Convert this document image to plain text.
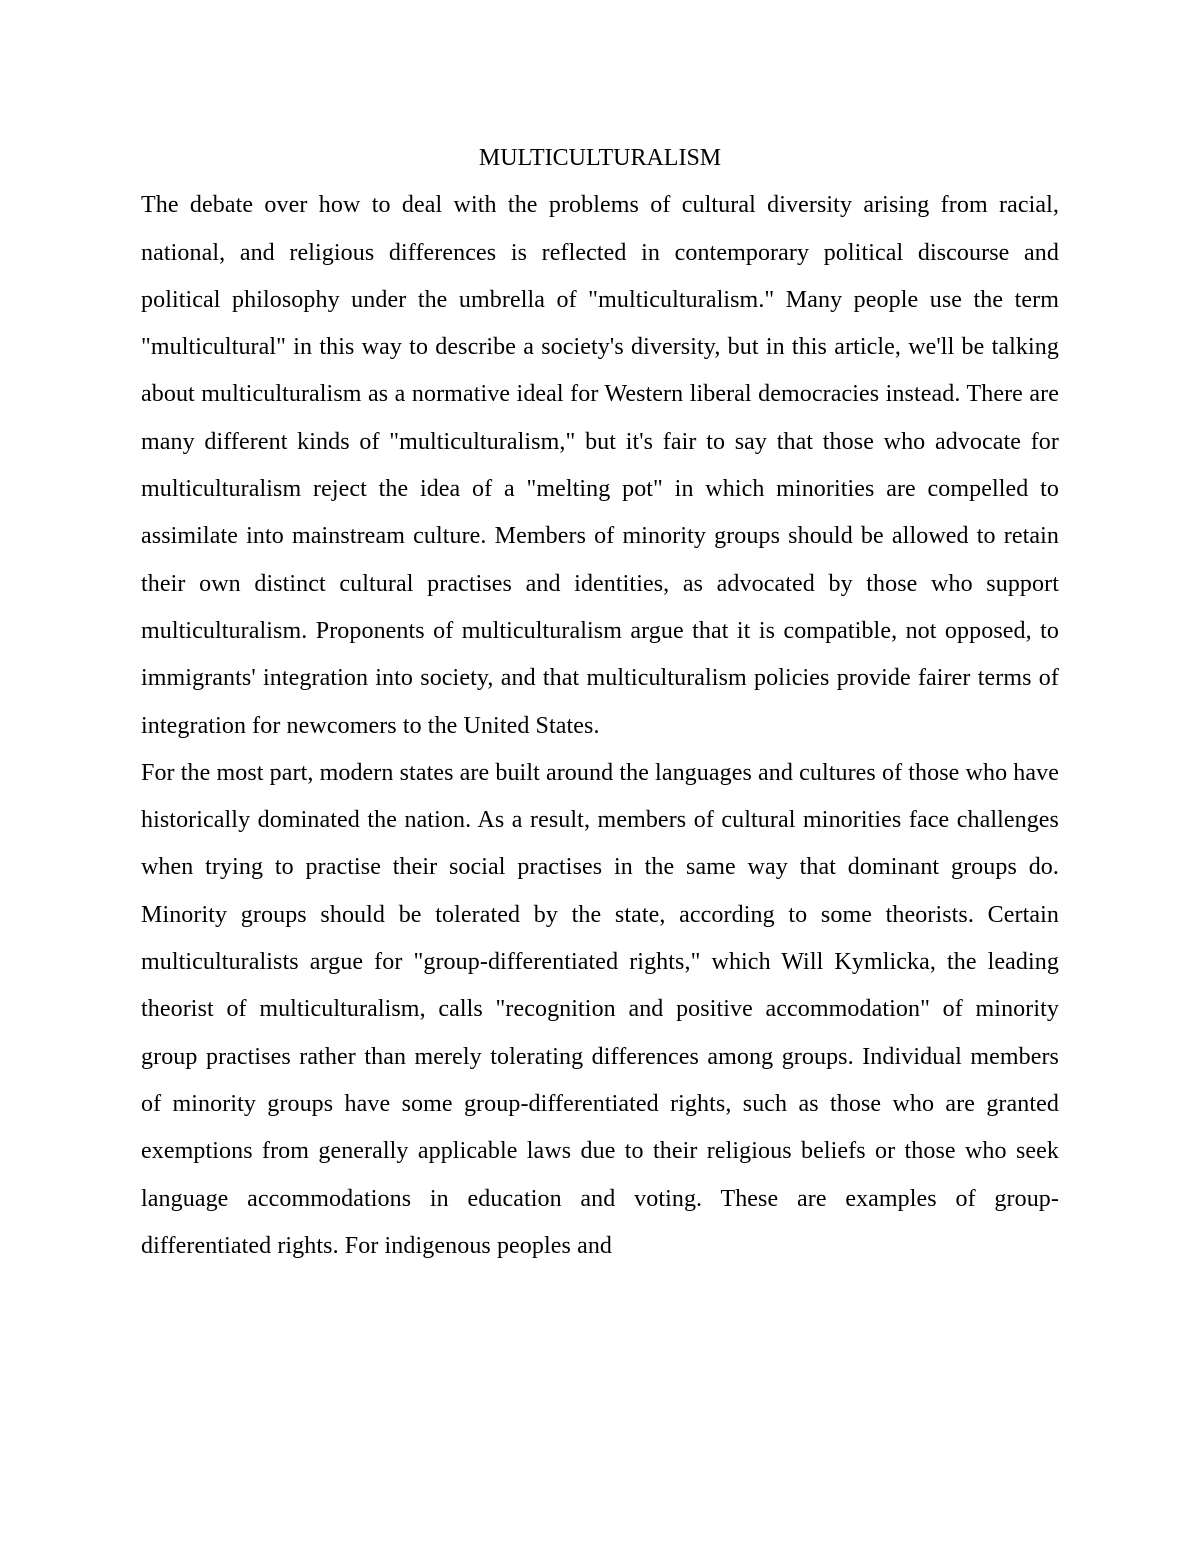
MULTICULTURALISM

The debate over how to deal with the problems of cultural diversity arising from racial, national, and religious differences is reflected in contemporary political discourse and political philosophy under the umbrella of "multiculturalism." Many people use the term "multicultural" in this way to describe a society's diversity, but in this article, we'll be talking about multiculturalism as a normative ideal for Western liberal democracies instead. There are many different kinds of "multiculturalism," but it's fair to say that those who advocate for multiculturalism reject the idea of a "melting pot" in which minorities are compelled to assimilate into mainstream culture. Members of minority groups should be allowed to retain their own distinct cultural practises and identities, as advocated by those who support multiculturalism. Proponents of multiculturalism argue that it is compatible, not opposed, to immigrants' integration into society, and that multiculturalism policies provide fairer terms of integration for newcomers to the United States.

For the most part, modern states are built around the languages and cultures of those who have historically dominated the nation. As a result, members of cultural minorities face challenges when trying to practise their social practises in the same way that dominant groups do. Minority groups should be tolerated by the state, according to some theorists. Certain multiculturalists argue for "group-differentiated rights," which Will Kymlicka, the leading theorist of multiculturalism, calls "recognition and positive accommodation" of minority group practises rather than merely tolerating differences among groups. Individual members of minority groups have some group-differentiated rights, such as those who are granted exemptions from generally applicable laws due to their religious beliefs or those who seek language accommodations in education and voting. These are examples of group-differentiated rights. For indigenous peoples and
